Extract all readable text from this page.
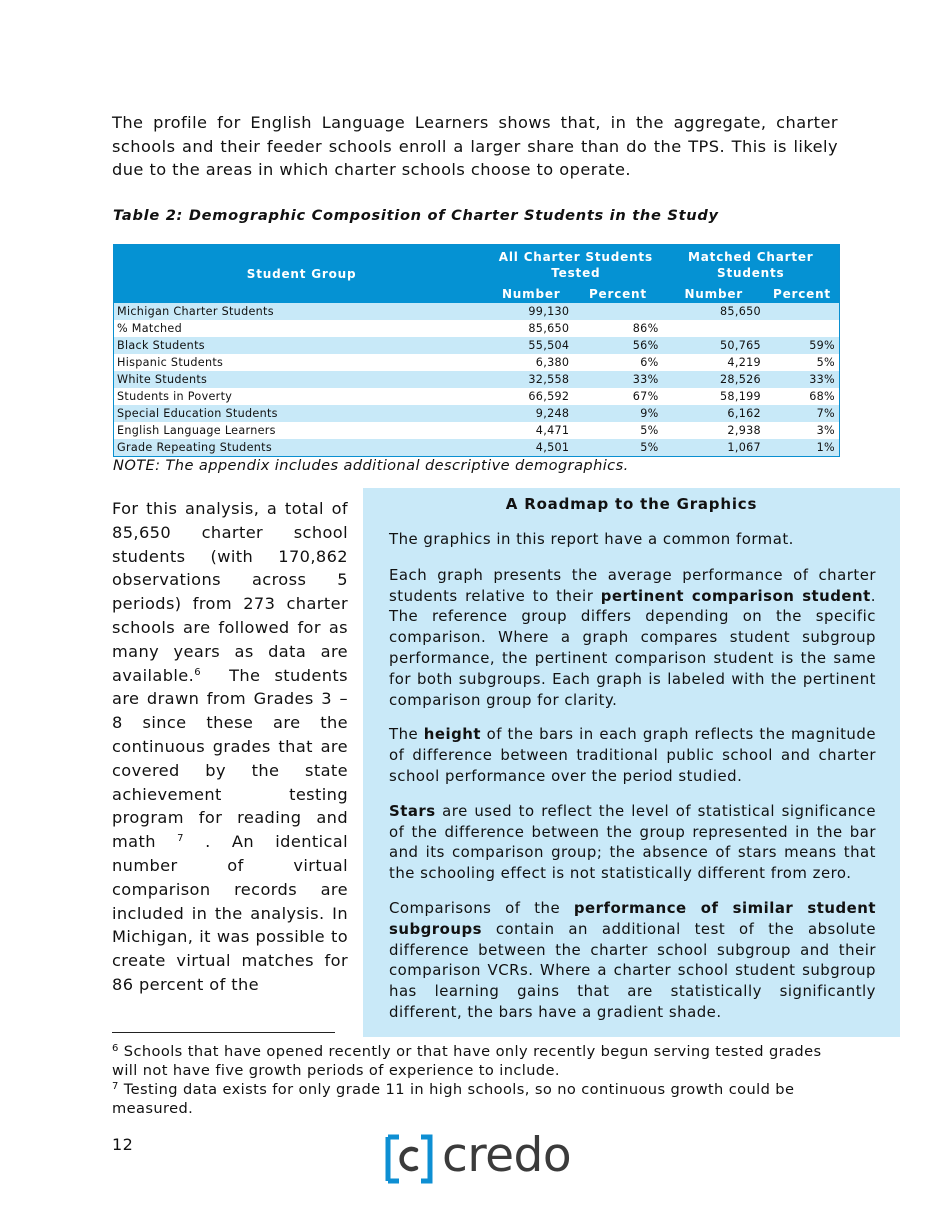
The profile for English Language Learners shows that, in the aggregate, charter schools and their feeder schools enroll a larger share than do the TPS. This is likely due to the areas in which charter schools choose to operate.

Table 2: Demographic Composition of Charter Students in the Study

Student Group	All Charter Students Tested		Matched Charter Students	
	Number	Percent	Number	Percent
Michigan Charter Students	99,130		85,650	
% Matched	85,650	86%		
Black Students	55,504	56%	50,765	59%
Hispanic Students	6,380	6%	4,219	5%
White Students	32,558	33%	28,526	33%
Students in Poverty	66,592	67%	58,199	68%
Special Education Students	9,248	9%	6,162	7%
English Language Learners	4,471	5%	2,938	3%
Grade Repeating Students	4,501	5%	1,067	1%

NOTE: The appendix includes additional descriptive demographics.

For this analysis, a total of 85,650 charter school students (with 170,862 observations across 5 periods) from 273 charter schools are followed for as many years as data are available.$^6$ The students are drawn from Grades 3 – 8 since these are the continuous grades that are covered by the state achievement testing program for reading and math $^7$ . An identical number of virtual comparison records are included in the analysis. In Michigan, it was possible to create virtual matches for 86 percent of the

A Roadmap to the Graphics

The graphics in this report have a common format.

Each graph presents the average performance of charter students relative to their pertinent comparison student. The reference group differs depending on the specific comparison. Where a graph compares student subgroup performance, the pertinent comparison student is the same for both subgroups. Each graph is labeled with the pertinent comparison group for clarity.

The height of the bars in each graph reflects the magnitude of difference between traditional public school and charter school performance over the period studied.

Stars are used to reflect the level of statistical significance of the difference between the group represented in the bar and its comparison group; the absence of stars means that the schooling effect is not statistically different from zero.

Comparisons of the performance of similar student subgroups contain an additional test of the absolute difference between the charter school subgroup and their comparison VCRs. Where a charter school student subgroup has learning gains that are statistically significantly different, the bars have a gradient shade.

$^6$ Schools that have opened recently or that have only recently begun serving tested grades will not have five growth periods of experience to include.

$^7$ Testing data exists for only grade 11 in high schools, so no continuous growth could be measured.

12	credo
